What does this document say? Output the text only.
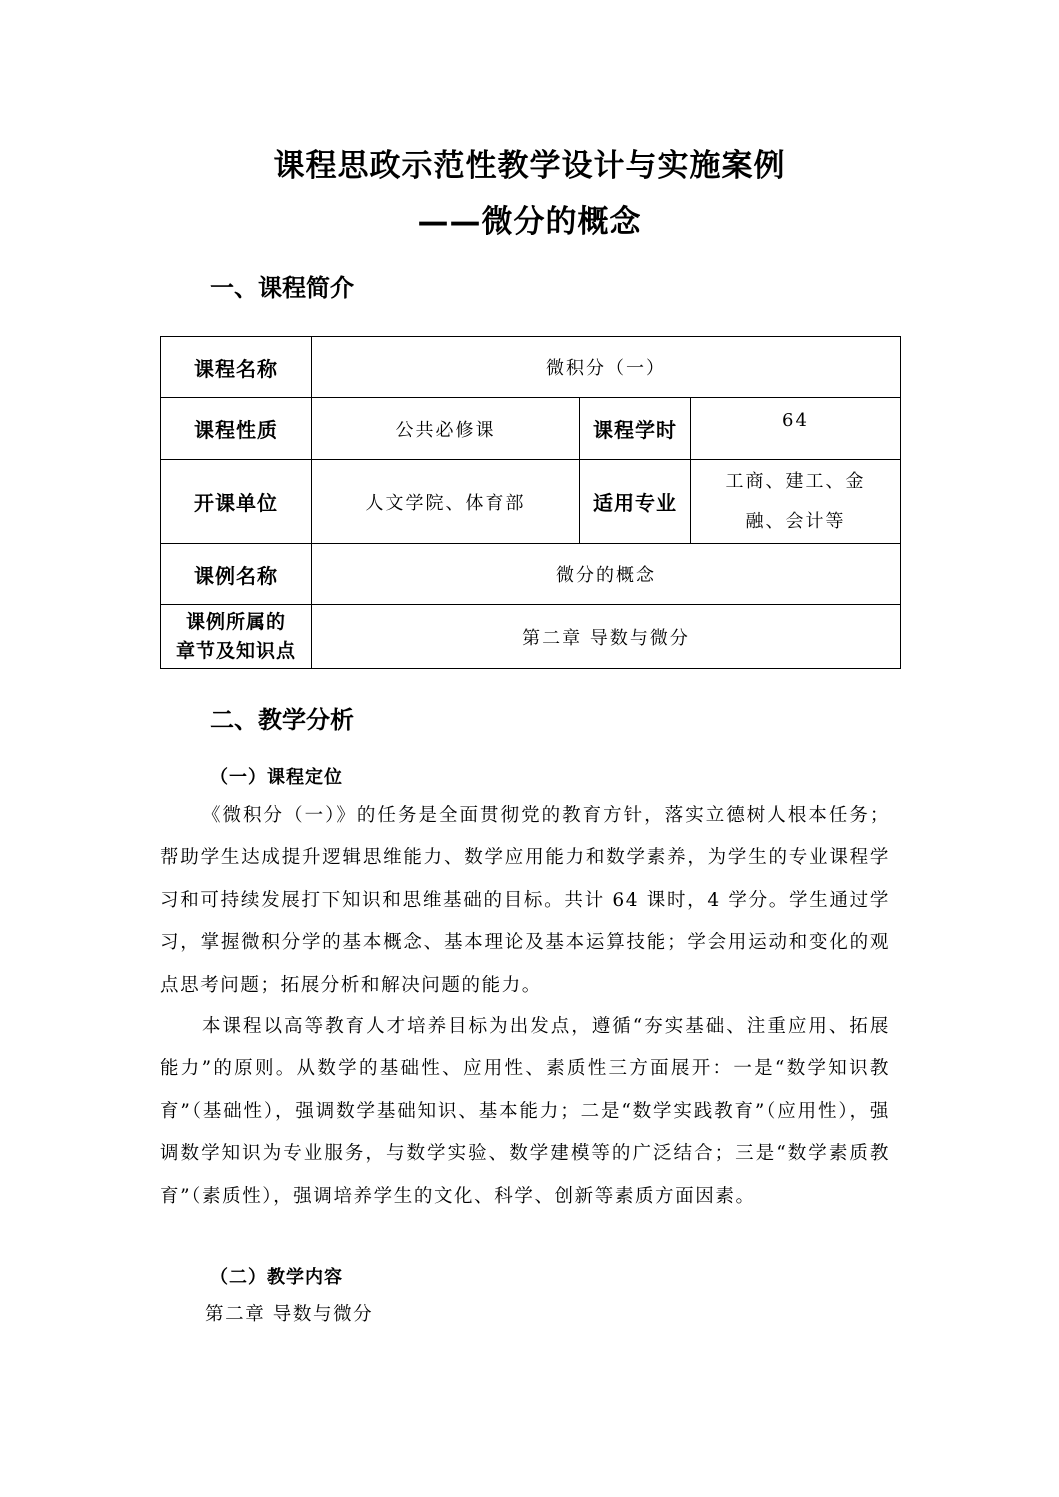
课程思政示范性教学设计与实施案例
——微分的概念
一、课程简介
课程名称	微积分（一）		
课程性质	公共必修课	课程学时	64
开课单位	人文学院、体育部	适用专业	工商、建工、金
融、会计等

课例名称	微分的概念		

课例所属的
章节及知识点	第二章 导数与微分		
二、教学分析
（一）课程定位
《微积分（一）》的任务是全面贯彻党的教育方针，落实立德树人根本任务；帮助学生达成提升逻辑思维能力、数学应用能力和数学素养，为学生的专业课程学习和可持续发展打下知识和思维基础的目标。共计 64 课时，4 学分。学生通过学习，掌握微积分学的基本概念、基本理论及基本运算技能；学会用运动和变化的观点思考问题；拓展分析和解决问题的能力。
本课程以高等教育人才培养目标为出发点，遵循“夯实基础、注重应用、拓展能力”的原则。从数学的基础性、应用性、素质性三方面展开：一是“数学知识教育”（基础性），强调数学基础知识、基本能力；二是“数学实践教育”（应用性），强调数学知识为专业服务，与数学实验、数学建模等的广泛结合；三是“数学素质教育”（素质性），强调培养学生的文化、科学、创新等素质方面因素。
（二）教学内容
第二章 导数与微分
